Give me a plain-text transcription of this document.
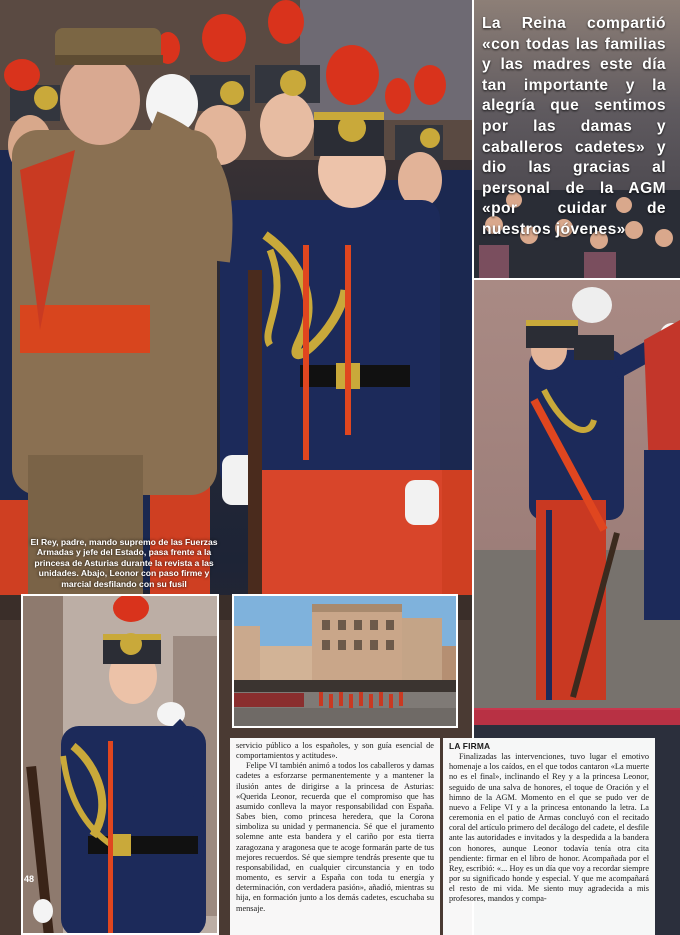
La Reina compartió «con todas las familias y las madres este día tan importante y la alegría que sentimos por las damas y caballeros cadetes» y dio las gracias al personal de la AGM «por cuidar de nuestros jóvenes»
El Rey, padre, mando supremo de las Fuerzas Armadas y jefe del Estado, pasa frente a la princesa de Asturias durante la revista a las unidades. Abajo, Leonor con paso firme y marcial desfilando con su fusil
48

servicio público a los españoles, y son guía esencial de comportamientos y actitudes».

Felipe VI también animó a todos los caballeros y damas cadetes a esforzarse permanentemente y a mantener la ilusión antes de dirigirse a la princesa de Asturias: «Querida Leonor, recuerda que el compromiso que has asumido conlleva la mayor responsabilidad con España. Sabes bien, como princesa heredera, que la Corona simboliza su unidad y permanencia. Sé que el juramento solemne ante esta bandera y el cariño por esta tierra zaragozana y aragonesa que te acoge formarán parte de tus mejores recuerdos. Sé que siempre tendrás presente que tu responsabilidad, en cualquier circunstancia y en todo momento, es servir a España con toda tu energía y determinación, con verdadera pasión», añadió, mientras su hija, en formación junto a los demás cadetes, escuchaba su mensaje.

LA FIRMA

Finalizadas las intervenciones, tuvo lugar el emotivo homenaje a los caídos, en el que todos cantaron «La muerte no es el final», inclinando el Rey y a la princesa Leonor, seguido de una salva de honores, el toque de Oración y el himno de la AGM. Momento en el que se pudo ver de nuevo a Felipe VI y a la princesa entonando la letra. La ceremonia en el patio de Armas concluyó con el recitado coral del artículo primero del decálogo del cadete, el desfile ante las autoridades e invitados y la despedida a la bandera con honores, aunque Leonor todavía tenía otra cita pendiente: firmar en el libro de honor. Acompañada por el Rey, escribió: «... Hoy es un día que voy a recordar siempre por su significado honde y especial. Y que me acompañará el resto de mi vida. Me siento muy agradecida a mis profesores, mandos y compa-
